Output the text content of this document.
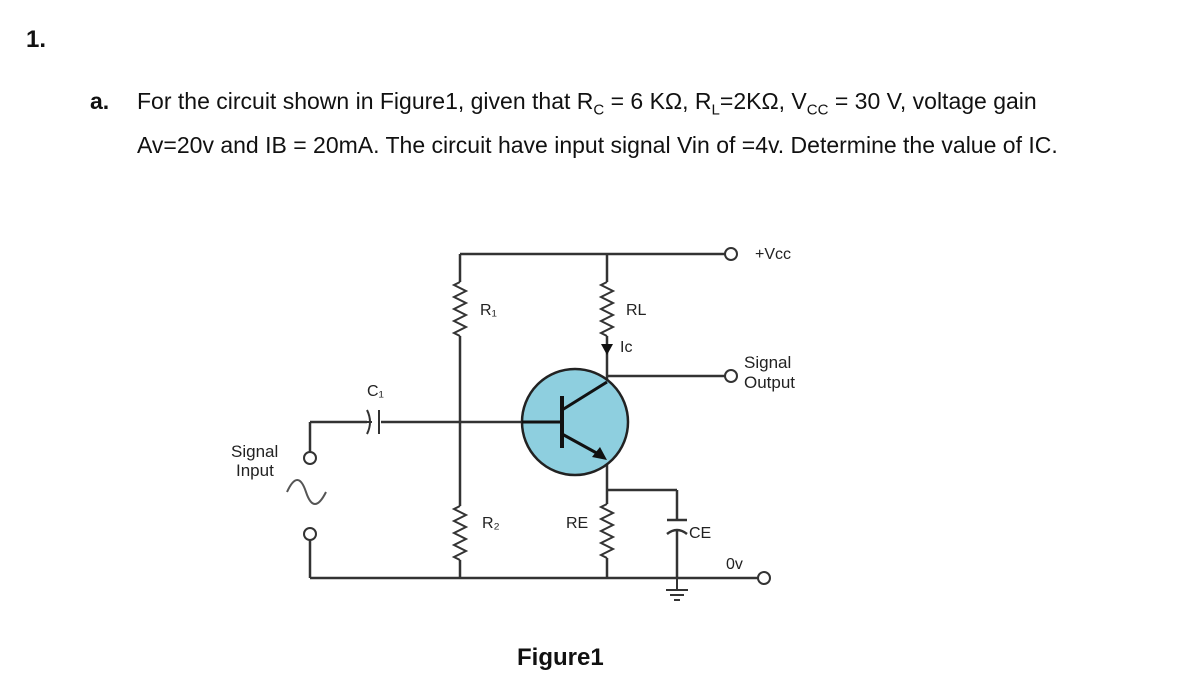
1.
a. For the circuit shown in Figure1, given that $R_C = 6$ KΩ, $R_L=2K\Omega$, $V_{CC} = 30$ V, voltage gain
Av=20v and IB = 20mA. The circuit have input signal Vin of =4v. Determine the value of IC.
+Vcc
R₁	RL
Ic
Signal
Output
C₁
Signal
Input
R₂	RE
CE
0v
Figure1
